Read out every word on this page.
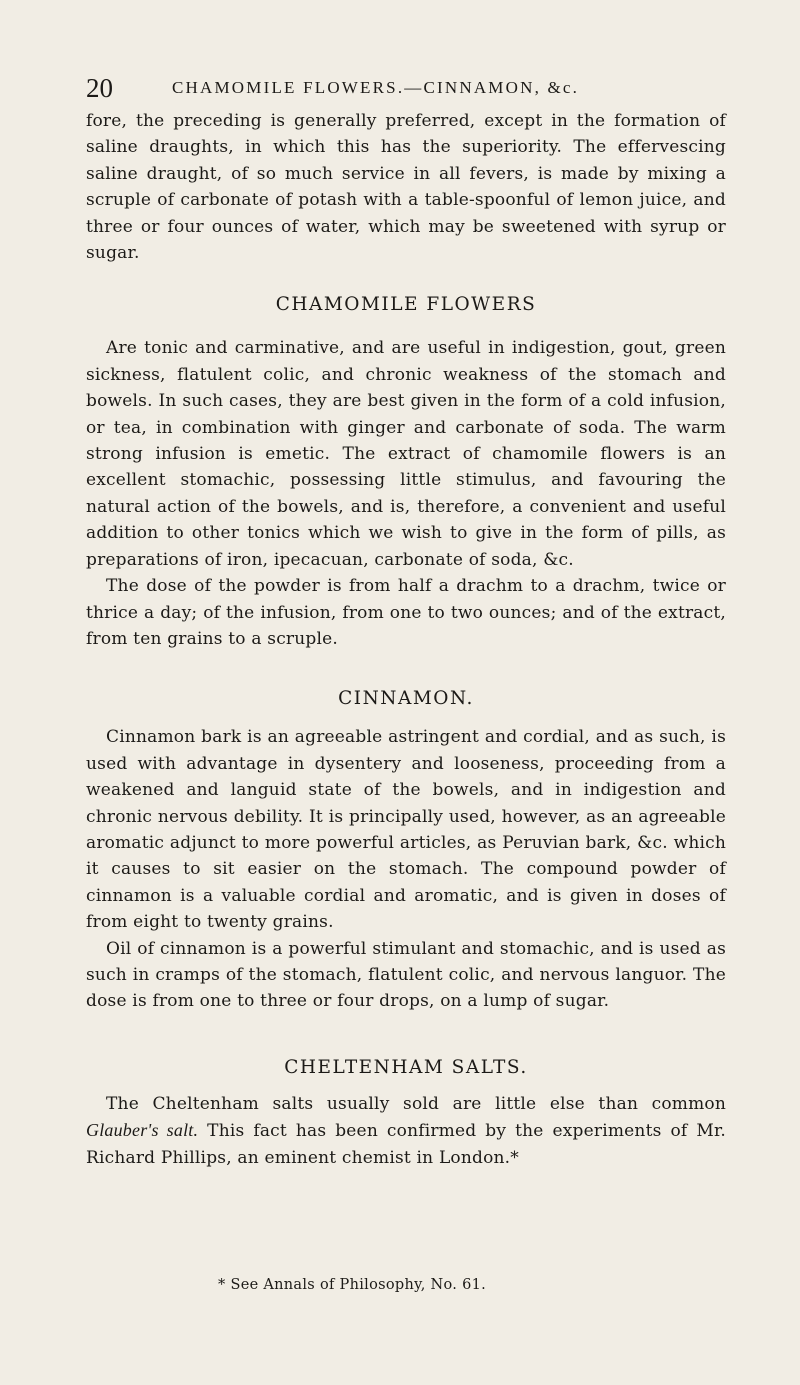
20	CHAMOMILE FLOWERS.—CINNAMON, &c.

fore, the preceding is generally preferred, except in the formation of saline draughts, in which this has the superiority. The effervescing saline draught, of so much service in all fevers, is made by mixing a scruple of carbonate of potash with a table-spoonful of lemon juice, and three or four ounces of water, which may be sweetened with syrup or sugar.

CHAMOMILE FLOWERS

Are tonic and carminative, and are useful in indigestion, gout, green sickness, flatulent colic, and chronic weakness of the stomach and bowels. In such cases, they are best given in the form of a cold infusion, or tea, in combination with ginger and carbonate of soda. The warm strong infusion is emetic. The extract of chamomile flowers is an excellent stomachic, possessing little stimulus, and favouring the natural action of the bowels, and is, therefore, a convenient and useful addition to other tonics which we wish to give in the form of pills, as preparations of iron, ipecacuan, carbonate of soda, &c.

The dose of the powder is from half a drachm to a drachm, twice or thrice a day; of the infusion, from one to two ounces; and of the extract, from ten grains to a scruple.

CINNAMON.

Cinnamon bark is an agreeable astringent and cordial, and as such, is used with advantage in dysentery and looseness, proceeding from a weakened and languid state of the bowels, and in indigestion and chronic nervous debility. It is principally used, however, as an agreeable aromatic adjunct to more powerful articles, as Peruvian bark, &c. which it causes to sit easier on the stomach. The compound powder of cinnamon is a valuable cordial and aromatic, and is given in doses of from eight to twenty grains.

Oil of cinnamon is a powerful stimulant and stomachic, and is used as such in cramps of the stomach, flatulent colic, and nervous languor. The dose is from one to three or four drops, on a lump of sugar.

CHELTENHAM SALTS.

The Cheltenham salts usually sold are little else than common Glauber's salt. This fact has been confirmed by the experiments of Mr. Richard Phillips, an eminent chemist in London.*

* See Annals of Philosophy, No. 61.
